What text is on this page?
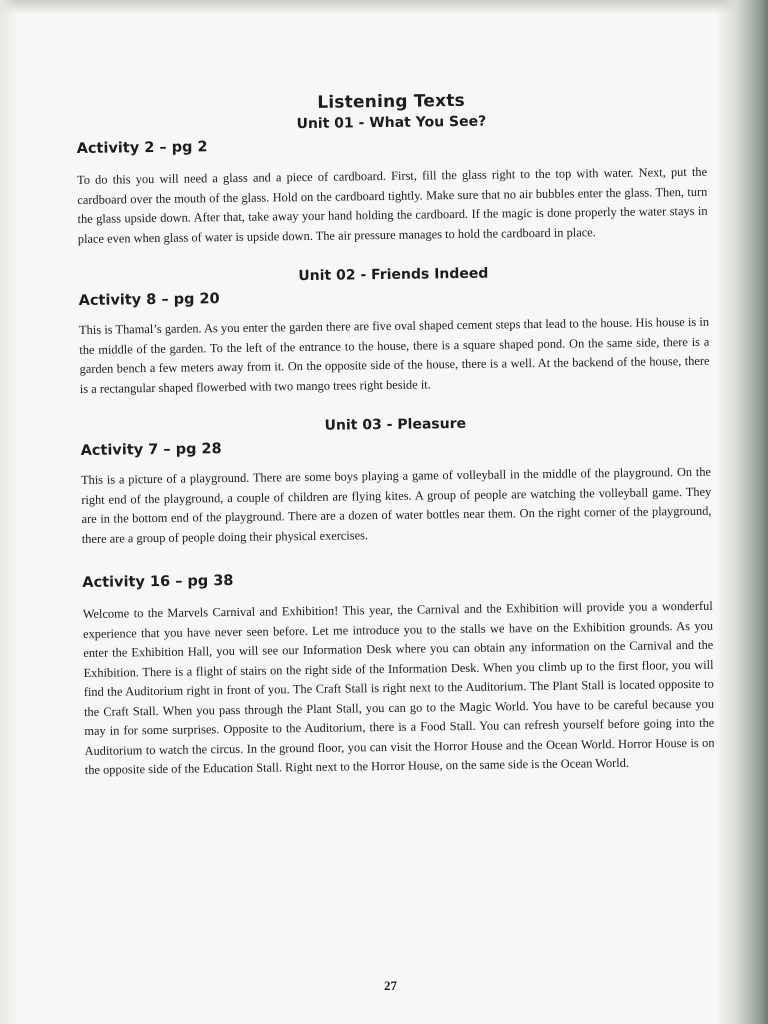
Listening Texts
Unit 01 - What You See?
Activity 2 – pg 2

To do this you will need a glass and a piece of cardboard. First, fill the glass right to the top with water. Next, put the cardboard over the mouth of the glass. Hold on the cardboard tightly. Make sure that no air bubbles enter the glass. Then, turn the glass upside down. After that, take away your hand holding the cardboard. If the magic is done properly the water stays in place even when glass of water is upside down. The air pressure manages to hold the cardboard in place.

Unit 02 - Friends Indeed
Activity 8 – pg 20

This is Thamal’s garden. As you enter the garden there are five oval shaped cement steps that lead to the house. His house is in the middle of the garden. To the left of the entrance to the house, there is a square shaped pond. On the same side, there is a garden bench a few meters away from it. On the opposite side of the house, there is a well. At the backend of the house, there is a rectangular shaped flowerbed with two mango trees right beside it.

Unit 03 - Pleasure
Activity 7 – pg 28

This is a picture of a playground. There are some boys playing a game of volleyball in the middle of the playground. On the right end of the playground, a couple of children are flying kites. A group of people are watching the volleyball game. They are in the bottom end of the playground. There are a dozen of water bottles near them. On the right corner of the playground, there are a group of people doing their physical exercises.

Activity 16 – pg 38

Welcome to the Marvels Carnival and Exhibition! This year, the Carnival and the Exhibition will provide you a wonderful experience that you have never seen before. Let me introduce you to the stalls we have on the Exhibition grounds. As you enter the Exhibition Hall, you will see our Information Desk where you can obtain any information on the Carnival and the Exhibition. There is a flight of stairs on the right side of the Information Desk. When you climb up to the first floor, you will find the Auditorium right in front of you. The Craft Stall is right next to the Auditorium. The Plant Stall is located opposite to the Craft Stall. When you pass through the Plant Stall, you can go to the Magic World. You have to be careful because you may in for some surprises. Opposite to the Auditorium, there is a Food Stall. You can refresh yourself before going into the Auditorium to watch the circus. In the ground floor, you can visit the Horror House and the Ocean World. Horror House is on the opposite side of the Education Stall. Right next to the Horror House, on the same side is the Ocean World.

27
